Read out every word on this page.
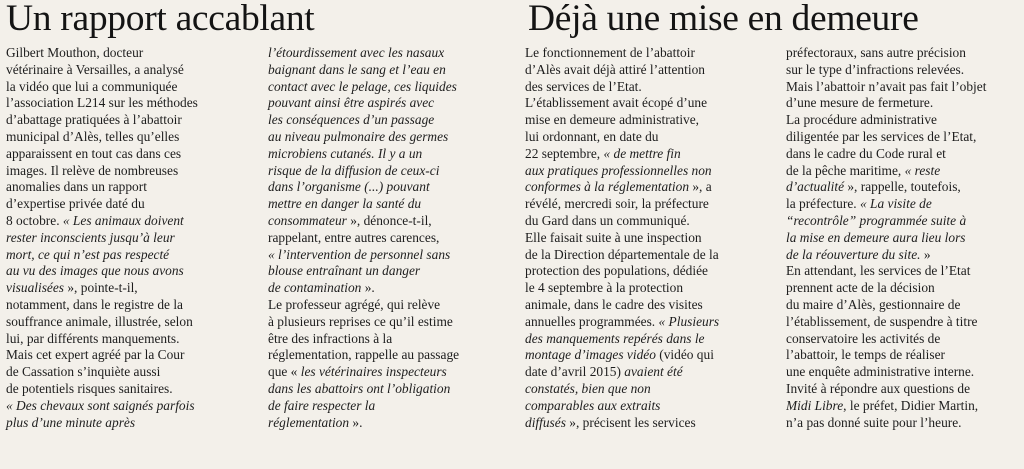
Un rapport accablant	Déjà une mise en demeure
Gilbert Mouthon, docteur
vétérinaire à Versailles, a analysé
la vidéo que lui a communiquée
l’association L214 sur les méthodes
d’abattage pratiquées à l’abattoir
municipal d’Alès, telles qu’elles
apparaissent en tout cas dans ces
images. Il relève de nombreuses
anomalies dans un rapport
d’expertise privée daté du
8 octobre. « Les animaux doivent
rester inconscients jusqu’à leur
mort, ce qui n’est pas respecté
au vu des images que nous avons
visualisées », pointe-t-il,
notamment, dans le registre de la
souffrance animale, illustrée, selon
lui, par différents manquements.
Mais cet expert agréé par la Cour
de Cassation s’inquiète aussi
de potentiels risques sanitaires.
« Des chevaux sont saignés parfois
plus d’une minute après
l’étourdissement avec les nasaux
baignant dans le sang et l’eau en
contact avec le pelage, ces liquides
pouvant ainsi être aspirés avec
les conséquences d’un passage
au niveau pulmonaire des germes
microbiens cutanés. Il y a un
risque de la diffusion de ceux-ci
dans l’organisme (...) pouvant
mettre en danger la santé du
consommateur », dénonce-t-il,
rappelant, entre autres carences,
« l’intervention de personnel sans
blouse entraînant un danger
de contamination ».
Le professeur agrégé, qui relève
à plusieurs reprises ce qu’il estime
être des infractions à la
réglementation, rappelle au passage
que « les vétérinaires inspecteurs
dans les abattoirs ont l’obligation
de faire respecter la
réglementation ».
Le fonctionnement de l’abattoir
d’Alès avait déjà attiré l’attention
des services de l’Etat.
L’établissement avait écopé d’une
mise en demeure administrative,
lui ordonnant, en date du
22 septembre, « de mettre fin
aux pratiques professionnelles non
conformes à la réglementation », a
révélé, mercredi soir, la préfecture
du Gard dans un communiqué.
Elle faisait suite à une inspection
de la Direction départementale de la
protection des populations, dédiée
le 4 septembre à la protection
animale, dans le cadre des visites
annuelles programmées. « Plusieurs
des manquements repérés dans le
montage d’images vidéo (vidéo qui
date d’avril 2015) avaient été
constatés, bien que non
comparables aux extraits
diffusés », précisent les services
préfectoraux, sans autre précision
sur le type d’infractions relevées.
Mais l’abattoir n’avait pas fait l’objet
d’une mesure de fermeture.
La procédure administrative
diligentée par les services de l’Etat,
dans le cadre du Code rural et
de la pêche maritime, « reste
d’actualité », rappelle, toutefois,
la préfecture. « La visite de
“recontrôle” programmée suite à
la mise en demeure aura lieu lors
de la réouverture du site. »
En attendant, les services de l’Etat
prennent acte de la décision
du maire d’Alès, gestionnaire de
l’établissement, de suspendre à titre
conservatoire les activités de
l’abattoir, le temps de réaliser
une enquête administrative interne.
Invité à répondre aux questions de
Midi Libre, le préfet, Didier Martin,
n’a pas donné suite pour l’heure.
